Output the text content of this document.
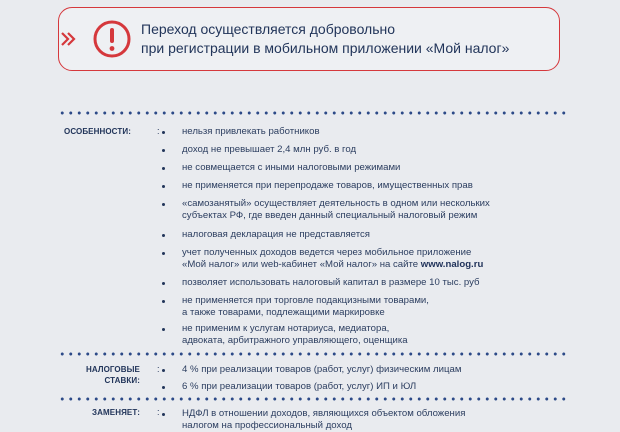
Переход осуществляется добровольно
при регистрации в мобильном приложении «Мой налог»
ОСОБЕННОСТИ:	: нельзя привлекать работников
доход не превышает 2,4 млн руб. в год
не совмещается с иными налоговыми режимами
не применяется при перепродаже товаров, имущественных прав
«самозанятый» осуществляет деятельность в одном или нескольких
субъектах РФ, где введен данный специальный налоговый режим
налоговая декларация не представляется
учет полученных доходов ведется через мобильное приложение
«Мой налог» или web-кабинет «Мой налог» на сайте www.nalog.ru
позволяет использовать налоговый капитал в размере 10 тыс. руб
не применяется при торговле подакцизными товарами,
а также товарами, подлежащими маркировке
не применим к услугам нотариуса, медиатора,
адвоката, арбитражного управляющего, оценщика
НАЛОГОВЫЕ
СТАВКИ:
: 4 % при реализации товаров (работ, услуг) физическим лицам
6 % при реализации товаров (работ, услуг) ИП и ЮЛ
ЗАМЕНЯЕТ: : НДФЛ в отношении доходов, являющихся объектом обложения
налогом на профессиональный доход
